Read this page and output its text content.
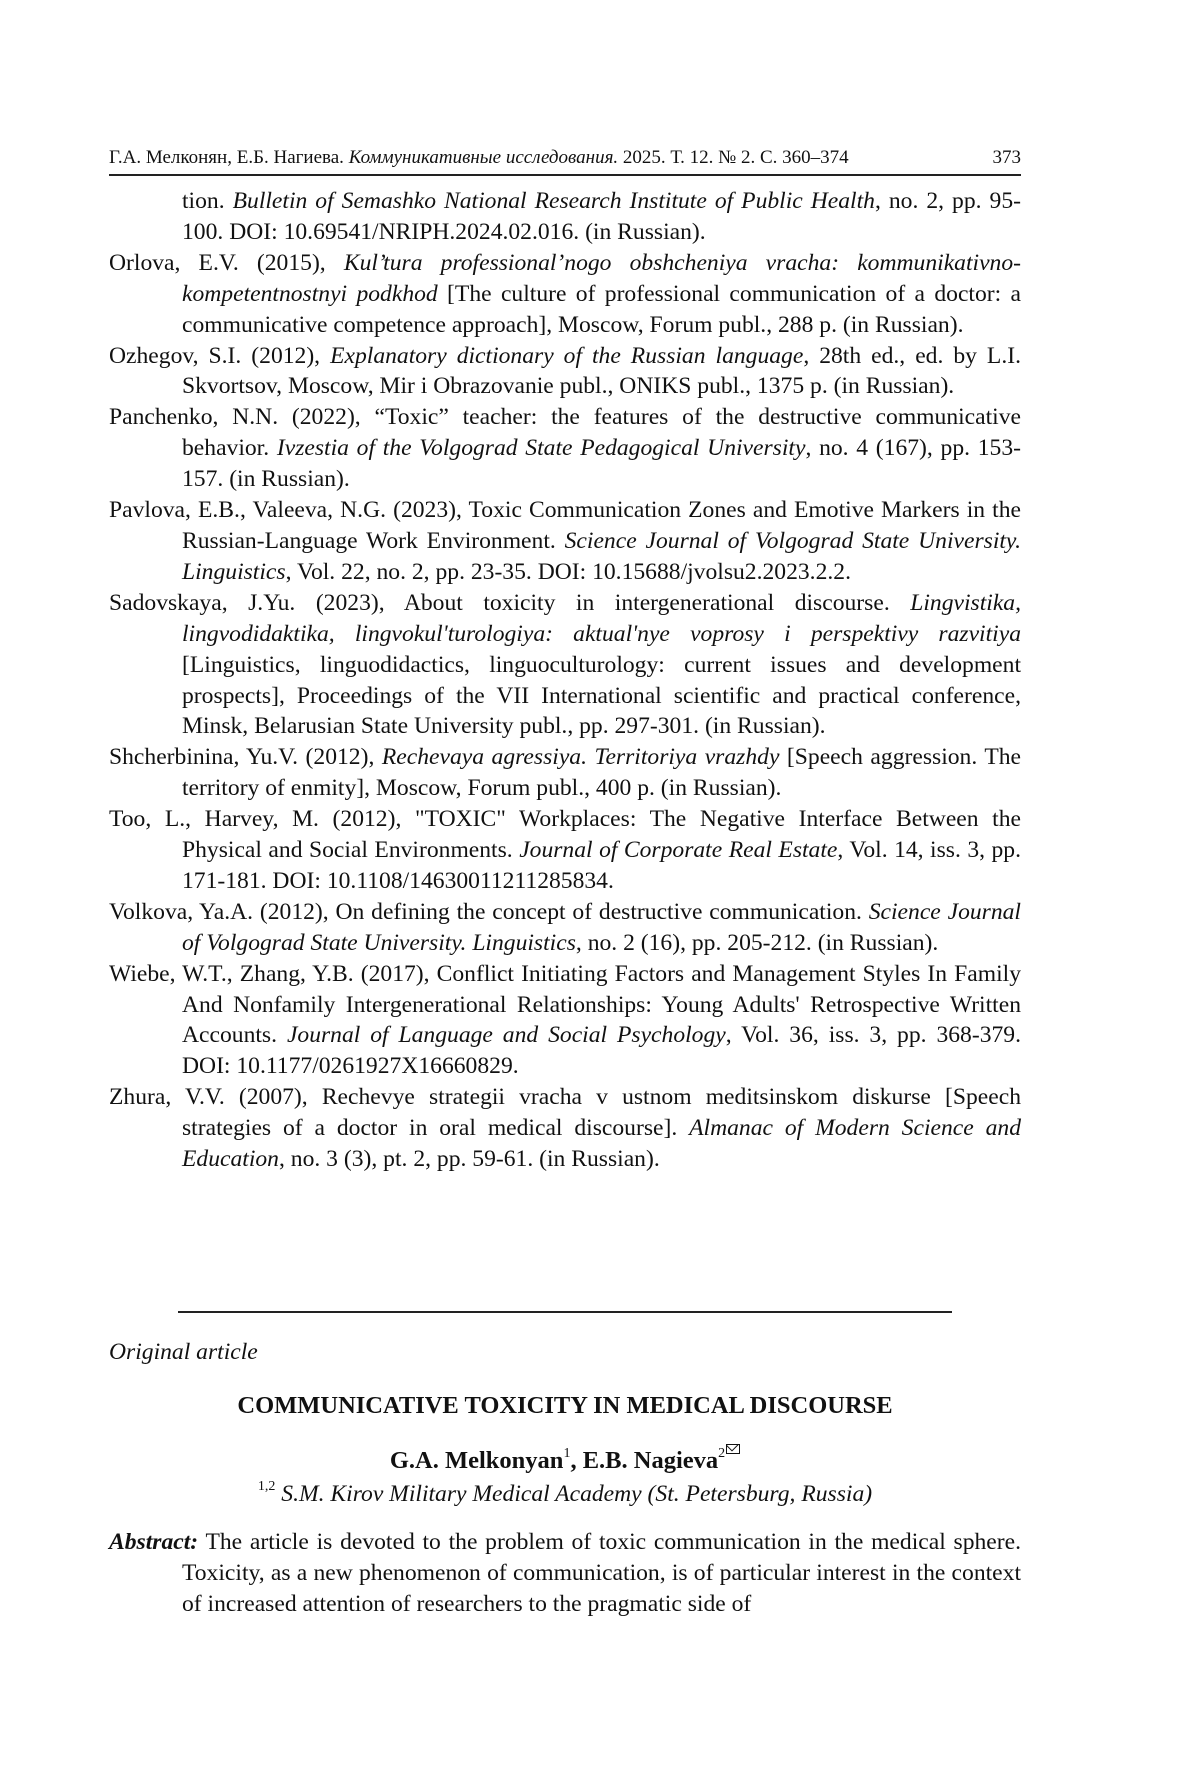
Г.А. Мелконян, Е.Б. Нагиева. Коммуникативные исследования. 2025. Т. 12. № 2. С. 360–374	373

tion. Bulletin of Semashko National Research Institute of Public Health, no. 2, pp. 95-100. DOI: 10.69541/NRIPH.2024.02.016. (in Russian).

Orlova, E.V. (2015), Kul’tura professional’nogo obshcheniya vracha: kommunikativno-kompetentnostnyi podkhod [The culture of professional communication of a doctor: a communicative competence approach], Moscow, Forum publ., 288 p. (in Russian).

Ozhegov, S.I. (2012), Explanatory dictionary of the Russian language, 28th ed., ed. by L.I. Skvortsov, Moscow, Mir i Obrazovanie publ., ONIKS publ., 1375 p. (in Russian).

Panchenko, N.N. (2022), “Toxic” teacher: the features of the destructive communicative behavior. Ivzestia of the Volgograd State Pedagogical University, no. 4 (167), pp. 153-157. (in Russian).

Pavlova, E.B., Valeeva, N.G. (2023), Toxic Communication Zones and Emotive Markers in the Russian-Language Work Environment. Science Journal of Volgograd State University. Linguistics, Vol. 22, no. 2, pp. 23-35. DOI: 10.15688/jvolsu2.2023.2.2.

Sadovskaya, J.Yu. (2023), About toxicity in intergenerational discourse. Lingvistika, lingvodidaktika, lingvokul'turologiya: aktual'nye voprosy i perspektivy razvitiya [Linguistics, linguodidactics, linguoculturology: current issues and development prospects], Proceedings of the VII International scientific and practical conference, Minsk, Belarusian State University publ., pp. 297-301. (in Russian).

Shcherbinina, Yu.V. (2012), Rechevaya agressiya. Territoriya vrazhdy [Speech aggression. The territory of enmity], Moscow, Forum publ., 400 p. (in Russian).

Too, L., Harvey, M. (2012), "TOXIC" Workplaces: The Negative Interface Between the Physical and Social Environments. Journal of Corporate Real Estate, Vol. 14, iss. 3, pp. 171-181. DOI: 10.1108/14630011211285834.

Volkova, Ya.A. (2012), On defining the concept of destructive communication. Science Journal of Volgograd State University. Linguistics, no. 2 (16), pp. 205-212. (in Russian).

Wiebe, W.T., Zhang, Y.B. (2017), Conflict Initiating Factors and Management Styles In Family And Nonfamily Intergenerational Relationships: Young Adults' Retrospective Written Accounts. Journal of Language and Social Psychology, Vol. 36, iss. 3, pp. 368-379. DOI: 10.1177/0261927X16660829.

Zhura, V.V. (2007), Rechevye strategii vracha v ustnom meditsinskom diskurse [Speech strategies of a doctor in oral medical discourse]. Almanac of Modern Science and Education, no. 3 (3), pt. 2, pp. 59-61. (in Russian).

Original article
COMMUNICATIVE TOXICITY IN MEDICAL DISCOURSE
G.A. Melkonyan$^1$, E.B. Nagieva$^2$
$^{1,2}$ S.M. Kirov Military Medical Academy (St. Petersburg, Russia)
Abstract: The article is devoted to the problem of toxic communication in the medical sphere. Toxicity, as a new phenomenon of communication, is of particular interest in the context of increased attention of researchers to the pragmatic side of
